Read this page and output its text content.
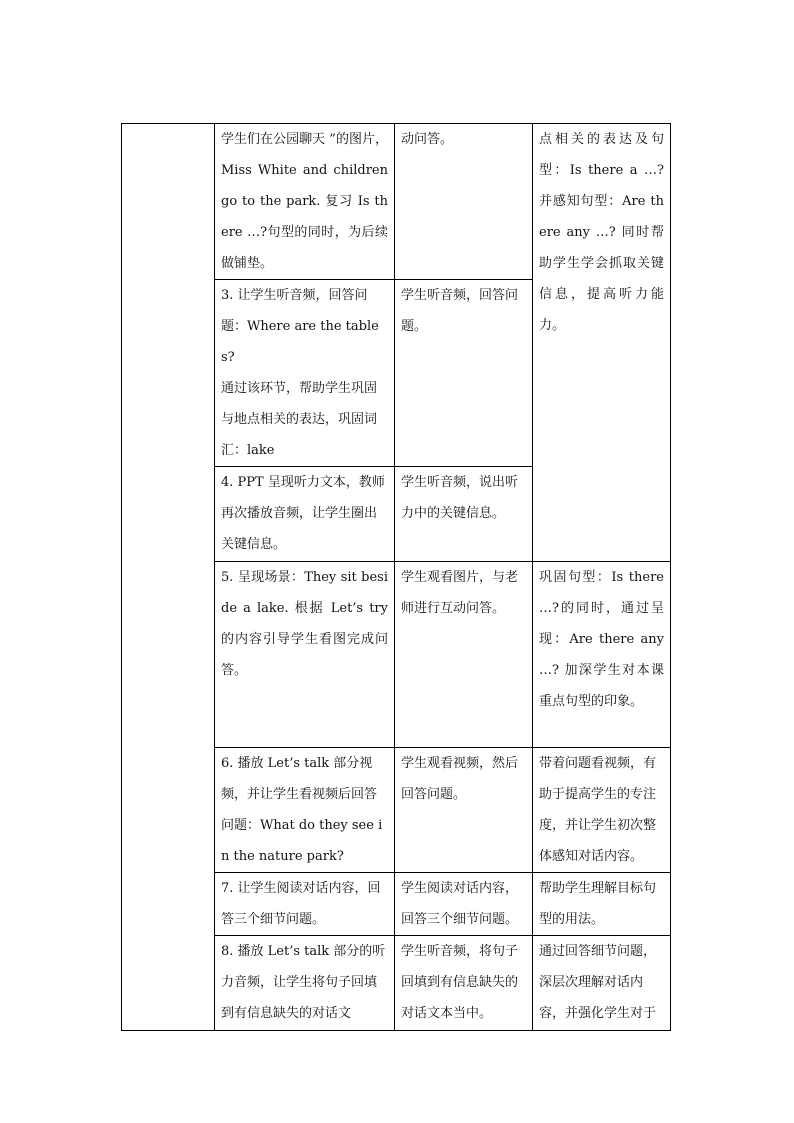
	学生们在公园聊天 ”的图片，Miss White and children go to the park. 复习 Is there …?句型的同时，为后续做铺垫。	动问答。	点相关的表达及句型：Is there a …? 并感知句型：Are there any …? 同时帮助学生学会抓取关键信息，提高听力能力。

	3. 让学生听音频，回答问题：Where are the tables?
通过该环节，帮助学生巩固与地点相关的表达，巩固词汇：lake	学生听音频，回答问题。	

	4. PPT 呈现听力文本，教师再次播放音频，让学生圈出关键信息。	学生听音频，说出听力中的关键信息。	

	5. 呈现场景：They sit beside a lake. 根据 Let’s try 的内容引导学生看图完成问答。	学生观看图片，与老师进行互动问答。	巩固句型：Is there …?的同时，通过呈现：Are there any …? 加深学生对本课重点句型的印象。

	6. 播放 Let’s talk 部分视频，并让学生看视频后回答问题：What do they see in the nature park?	学生观看视频，然后回答问题。	带着问题看视频，有助于提高学生的专注度，并让学生初次整体感知对话内容。

	7. 让学生阅读对话内容，回答三个细节问题。	学生阅读对话内容，回答三个细节问题。	帮助学生理解目标句型的用法。

	8. 播放 Let’s talk 部分的听力音频，让学生将句子回填到有信息缺失的对话文	学生听音频，将句子回填到有信息缺失的对话文本当中。	通过回答细节问题，深层次理解对话内容，并强化学生对于
